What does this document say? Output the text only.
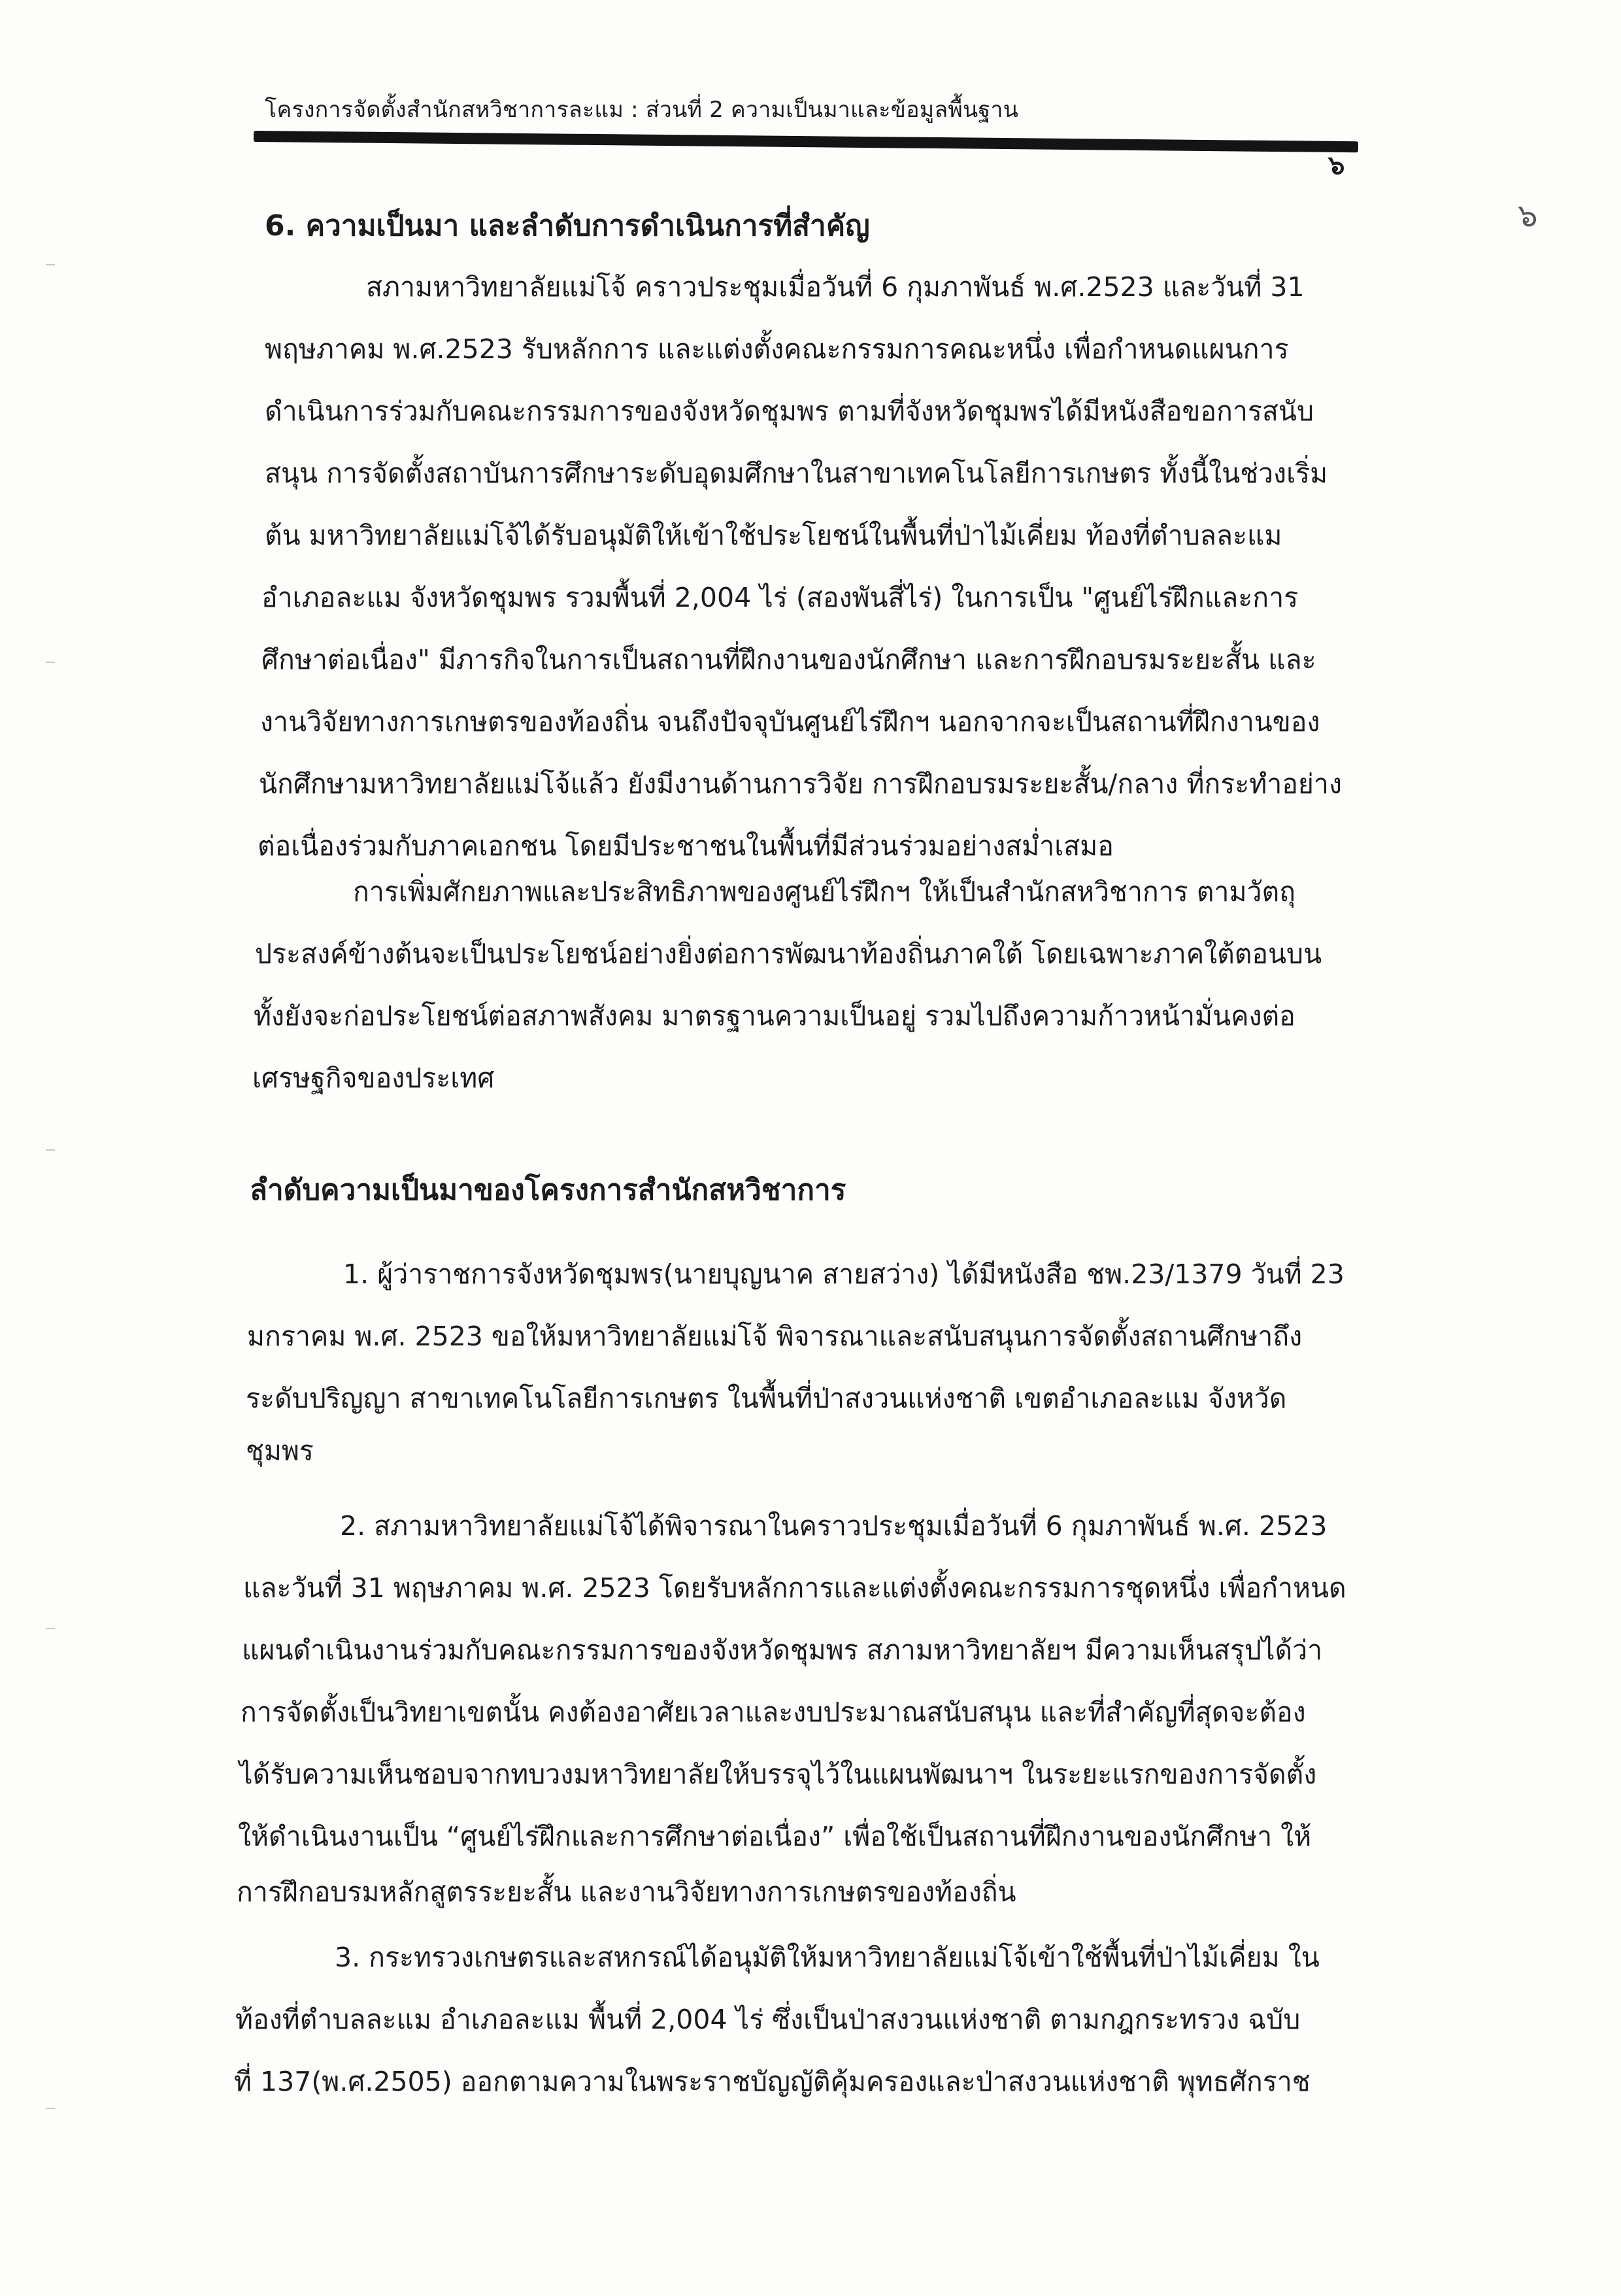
โครงการจัดตั้งสำนักสหวิชาการละแม : ส่วนที่ 2 ความเป็นมาและข้อมูลพื้นฐาน
๖
๖
6. ความเป็นมา และลำดับการดำเนินการที่สำคัญ
สภามหาวิทยาลัยแม่โจ้ คราวประชุมเมื่อวันที่ 6 กุมภาพันธ์ พ.ศ.2523 และวันที่ 31
พฤษภาคม พ.ศ.2523 รับหลักการ และแต่งตั้งคณะกรรมการคณะหนึ่ง เพื่อกำหนดแผนการ
ดำเนินการร่วมกับคณะกรรมการของจังหวัดชุมพร ตามที่จังหวัดชุมพรได้มีหนังสือขอการสนับ
สนุน การจัดตั้งสถาบันการศึกษาระดับอุดมศึกษาในสาขาเทคโนโลยีการเกษตร ทั้งนี้ในช่วงเริ่ม
ต้น มหาวิทยาลัยแม่โจ้ได้รับอนุมัติให้เข้าใช้ประโยชน์ในพื้นที่ป่าไม้เคี่ยม ท้องที่ตำบลละแม
อำเภอละแม จังหวัดชุมพร รวมพื้นที่ 2,004 ไร่ (สองพันสี่ไร่) ในการเป็น "ศูนย์ไร่ฝึกและการ
ศึกษาต่อเนื่อง" มีภารกิจในการเป็นสถานที่ฝึกงานของนักศึกษา และการฝึกอบรมระยะสั้น และ
งานวิจัยทางการเกษตรของท้องถิ่น จนถึงปัจจุบันศูนย์ไร่ฝึกฯ นอกจากจะเป็นสถานที่ฝึกงานของ
นักศึกษามหาวิทยาลัยแม่โจ้แล้ว ยังมีงานด้านการวิจัย การฝึกอบรมระยะสั้น/กลาง ที่กระทำอย่าง
ต่อเนื่องร่วมกับภาคเอกชน โดยมีประชาชนในพื้นที่มีส่วนร่วมอย่างสม่ำเสมอ
การเพิ่มศักยภาพและประสิทธิภาพของศูนย์ไร่ฝึกฯ ให้เป็นสำนักสหวิชาการ ตามวัตถุ
ประสงค์ข้างต้นจะเป็นประโยชน์อย่างยิ่งต่อการพัฒนาท้องถิ่นภาคใต้ โดยเฉพาะภาคใต้ตอนบน
ทั้งยังจะก่อประโยชน์ต่อสภาพสังคม มาตรฐานความเป็นอยู่ รวมไปถึงความก้าวหน้ามั่นคงต่อ
เศรษฐกิจของประเทศ
ลำดับความเป็นมาของโครงการสำนักสหวิชาการ
1. ผู้ว่าราชการจังหวัดชุมพร(นายบุญนาค สายสว่าง) ได้มีหนังสือ ชพ.23/1379 วันที่ 23
มกราคม พ.ศ. 2523 ขอให้มหาวิทยาลัยแม่โจ้ พิจารณาและสนับสนุนการจัดตั้งสถานศึกษาถึง
ระดับปริญญา สาขาเทคโนโลยีการเกษตร ในพื้นที่ป่าสงวนแห่งชาติ เขตอำเภอละแม จังหวัด
ชุมพร
2. สภามหาวิทยาลัยแม่โจ้ได้พิจารณาในคราวประชุมเมื่อวันที่ 6 กุมภาพันธ์ พ.ศ. 2523
และวันที่ 31 พฤษภาคม พ.ศ. 2523 โดยรับหลักการและแต่งตั้งคณะกรรมการชุดหนึ่ง เพื่อกำหนด
แผนดำเนินงานร่วมกับคณะกรรมการของจังหวัดชุมพร สภามหาวิทยาลัยฯ มีความเห็นสรุปได้ว่า
การจัดตั้งเป็นวิทยาเขตนั้น คงต้องอาศัยเวลาและงบประมาณสนับสนุน และที่สำคัญที่สุดจะต้อง
ได้รับความเห็นชอบจากทบวงมหาวิทยาลัยให้บรรจุไว้ในแผนพัฒนาฯ ในระยะแรกของการจัดตั้ง
ให้ดำเนินงานเป็น “ศูนย์ไร่ฝึกและการศึกษาต่อเนื่อง” เพื่อใช้เป็นสถานที่ฝึกงานของนักศึกษา ให้
การฝึกอบรมหลักสูตรระยะสั้น และงานวิจัยทางการเกษตรของท้องถิ่น
3. กระทรวงเกษตรและสหกรณ์ได้อนุมัติให้มหาวิทยาลัยแม่โจ้เข้าใช้พื้นที่ป่าไม้เคี่ยม ใน
ท้องที่ตำบลละแม อำเภอละแม พื้นที่ 2,004 ไร่ ซึ่งเป็นป่าสงวนแห่งชาติ ตามกฎกระทรวง ฉบับ
ที่ 137(พ.ศ.2505) ออกตามความในพระราชบัญญัติคุ้มครองและป่าสงวนแห่งชาติ พุทธศักราช
